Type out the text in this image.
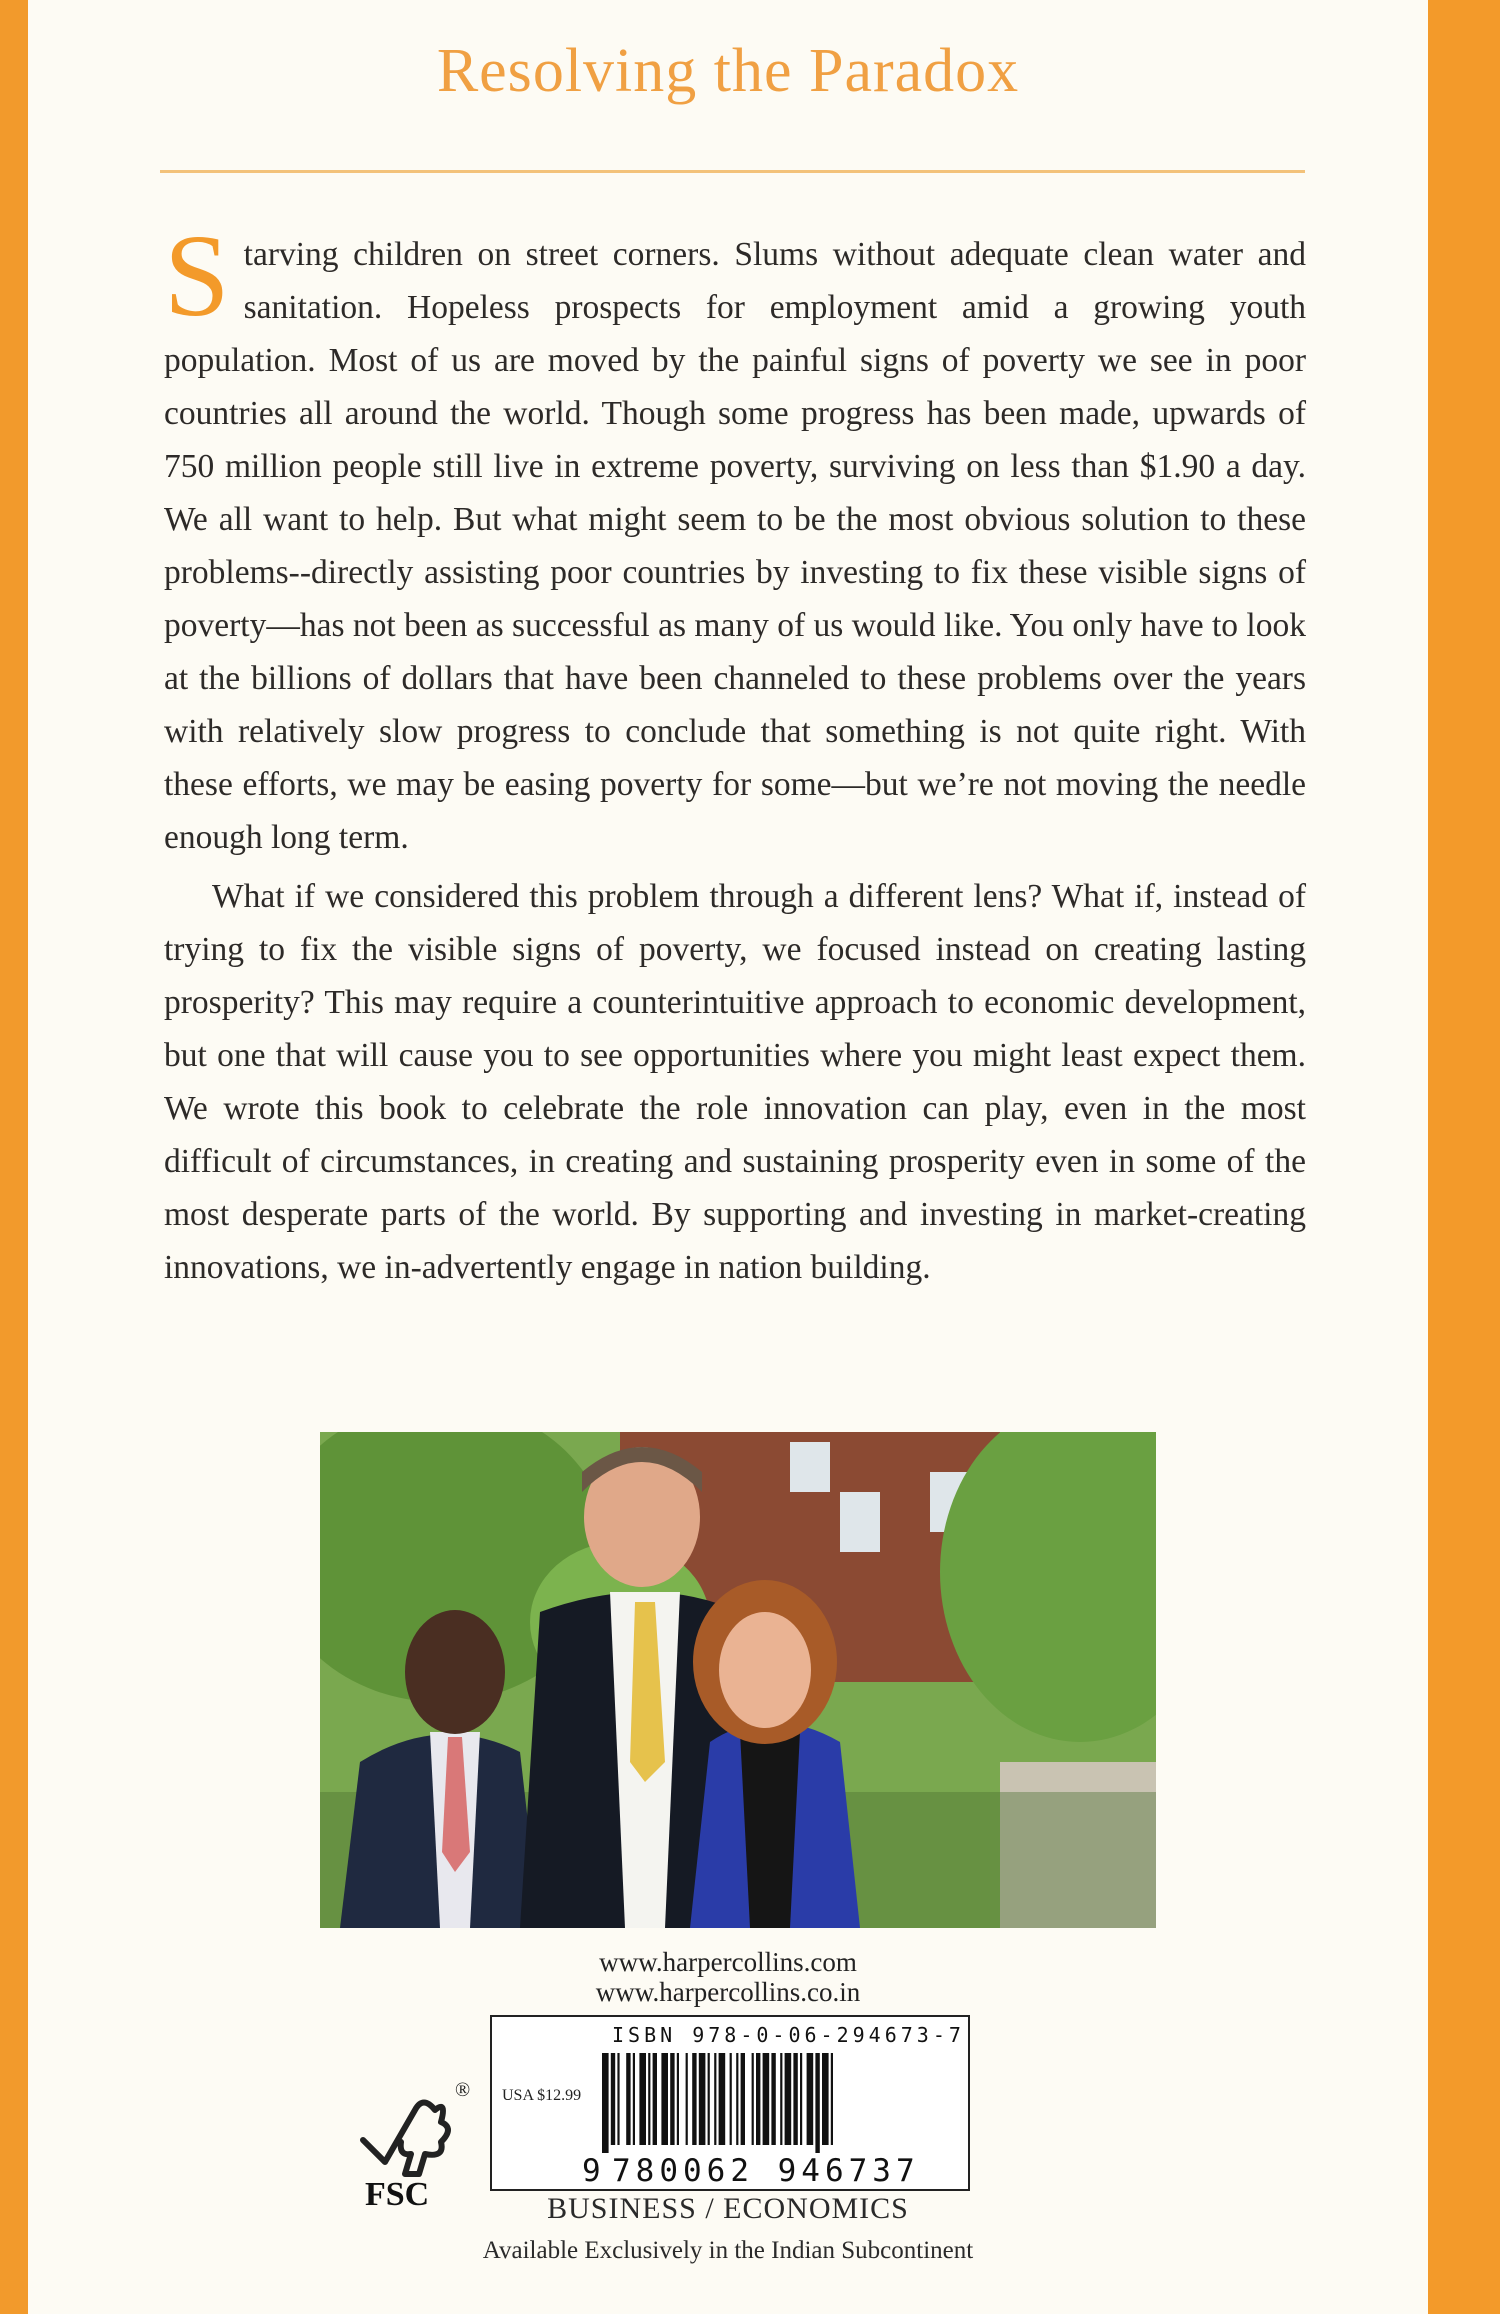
Resolving the Paradox

Starving children on street corners. Slums without adequate clean water and sanitation. Hopeless prospects for employment amid a growing youth population. Most of us are moved by the painful signs of poverty we see in poor countries all around the world. Though some progress has been made, upwards of 750 million people still live in extreme poverty, surviving on less than $1.90 a day. We all want to help. But what might seem to be the most obvious solution to these problems--directly assisting poor countries by investing to fix these visible signs of poverty—has not been as successful as many of us would like. You only have to look at the billions of dollars that have been channeled to these problems over the years with relatively slow progress to conclude that something is not quite right. With these efforts, we may be easing poverty for some—but we’re not moving the needle enough long term.

What if we considered this problem through a different lens? What if, instead of trying to fix the visible signs of poverty, we focused instead on creating lasting prosperity? This may require a counterintuitive approach to economic development, but one that will cause you to see opportunities where you might least expect them. We wrote this book to celebrate the role innovation can play, even in the most difficult of circumstances, in creating and sustaining prosperity even in some of the most desperate parts of the world. By supporting and investing in market-creating innovations, we in-advertently engage in nation building.

www.harpercollins.com
www.harpercollins.co.in
®
FSC
ISBN 978-0-06-294673-7
USA $12.99
9 780062 946737
BUSINESS / ECONOMICS
Available Exclusively in the Indian Subcontinent
